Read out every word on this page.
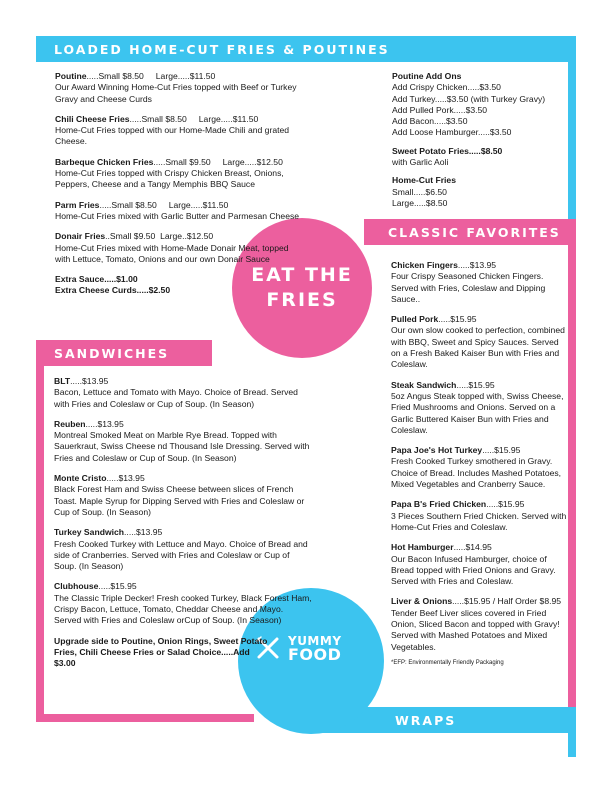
EAT THE
FRIES
YUMMY
FOOD
LOADED HOME-CUT FRIES & POUTINES
CLASSIC FAVORITES
SANDWICHES
WRAPS
Poutine.....Small $8.50     Large.....$11.50
Our Award Winning Home-Cut Fries topped with Beef or Turkey Gravy and Cheese Curds
Chili Cheese Fries.....Small $8.50     Large.....$11.50
Home-Cut Fries topped with our Home-Made Chili and grated Cheese.
Barbeque Chicken Fries.....Small $9.50     Large.....$12.50
Home-Cut Fries topped with Crispy Chicken Breast, Onions, Peppers, Cheese and a Tangy Memphis BBQ Sauce
Parm Fries.....Small $8.50     Large.....$11.50
Home-Cut Fries mixed with Garlic Butter and Parmesan Cheese
Donair Fries..Small $9.50  Large..$12.50
Home-Cut Fries mixed with Home-Made Donair Meat, topped with Lettuce, Tomato, Onions and our own Donair Sauce
Extra Sauce.....$1.00
Extra Cheese Curds.....$2.50
Poutine Add Ons
Add Crispy Chicken.....$3.50
Add Turkey.....$3.50 (with Turkey Gravy)
Add Pulled Pork.....$3.50
Add Bacon.....$3.50
Add Loose Hamburger.....$3.50
Sweet Potato Fries.....$8.50
with Garlic Aoli
Home-Cut Fries
Small.....$6.50
Large.....$8.50
Chicken Fingers.....$13.95
Four Crispy Seasoned Chicken Fingers. Served with Fries, Coleslaw and Dipping Sauce..
Pulled Pork.....$15.95
Our own slow cooked to perfection, combined with BBQ, Sweet and Spicy Sauces. Served on a Fresh Baked Kaiser Bun with Fries and Coleslaw.
Steak Sandwich.....$15.95
5oz Angus Steak topped with, Swiss Cheese, Fried Mushrooms and Onions. Served on a Garlic Buttered Kaiser Bun with Fries and Coleslaw.
Papa Joe's Hot Turkey.....$15.95
Fresh Cooked Turkey smothered in Gravy. Choice of Bread. Includes Mashed Potatoes, Mixed Vegetables and Cranberry Sauce.
Papa B's Fried Chicken.....$15.95
3 Pieces Southern Fried Chicken. Served with Home-Cut Fries and Coleslaw.
Hot Hamburger.....$14.95
Our Bacon Infused Hamburger, choice of Bread topped with Fried Onions and Gravy. Served with Fries and Coleslaw.
Liver & Onions.....$15.95 / Half Order $8.95
Tender Beef Liver slices covered in Fried Onion, Sliced Bacon and topped with Gravy! Served with Mashed Potatoes and Mixed Vegetables.
*EFP: Environmentally Friendly Packaging
BLT.....$13.95
Bacon, Lettuce and Tomato with Mayo. Choice of Bread. Served with Fries and Coleslaw or Cup of Soup. (In Season)
Reuben.....$13.95
Montreal Smoked Meat on Marble Rye Bread. Topped with Sauerkraut, Swiss Cheese nd Thousand Isle Dressing. Served with Fries and Coleslaw or Cup of Soup. (In Season)
Monte Cristo.....$13.95
Black Forest Ham and Swiss Cheese between slices of French Toast. Maple Syrup for Dipping Served with Fries and Coleslaw or Cup of Soup. (In Season)
Turkey Sandwich.....$13.95
Fresh Cooked Turkey with Lettuce and Mayo. Choice of Bread and side of Cranberries. Served with Fries and Coleslaw or Cup of Soup. (In Season)
Clubhouse.....$15.95
The Classic Triple Decker! Fresh cooked Turkey, Black Forest Ham, Crispy Bacon, Lettuce, Tomato, Cheddar Cheese and Mayo. Served with Fries and Coleslaw orCup of Soup. (In Season)
Upgrade side to Poutine, Onion Rings, Sweet Potato Fries, Chili Cheese Fries or Salad Choice.....Add $3.00
